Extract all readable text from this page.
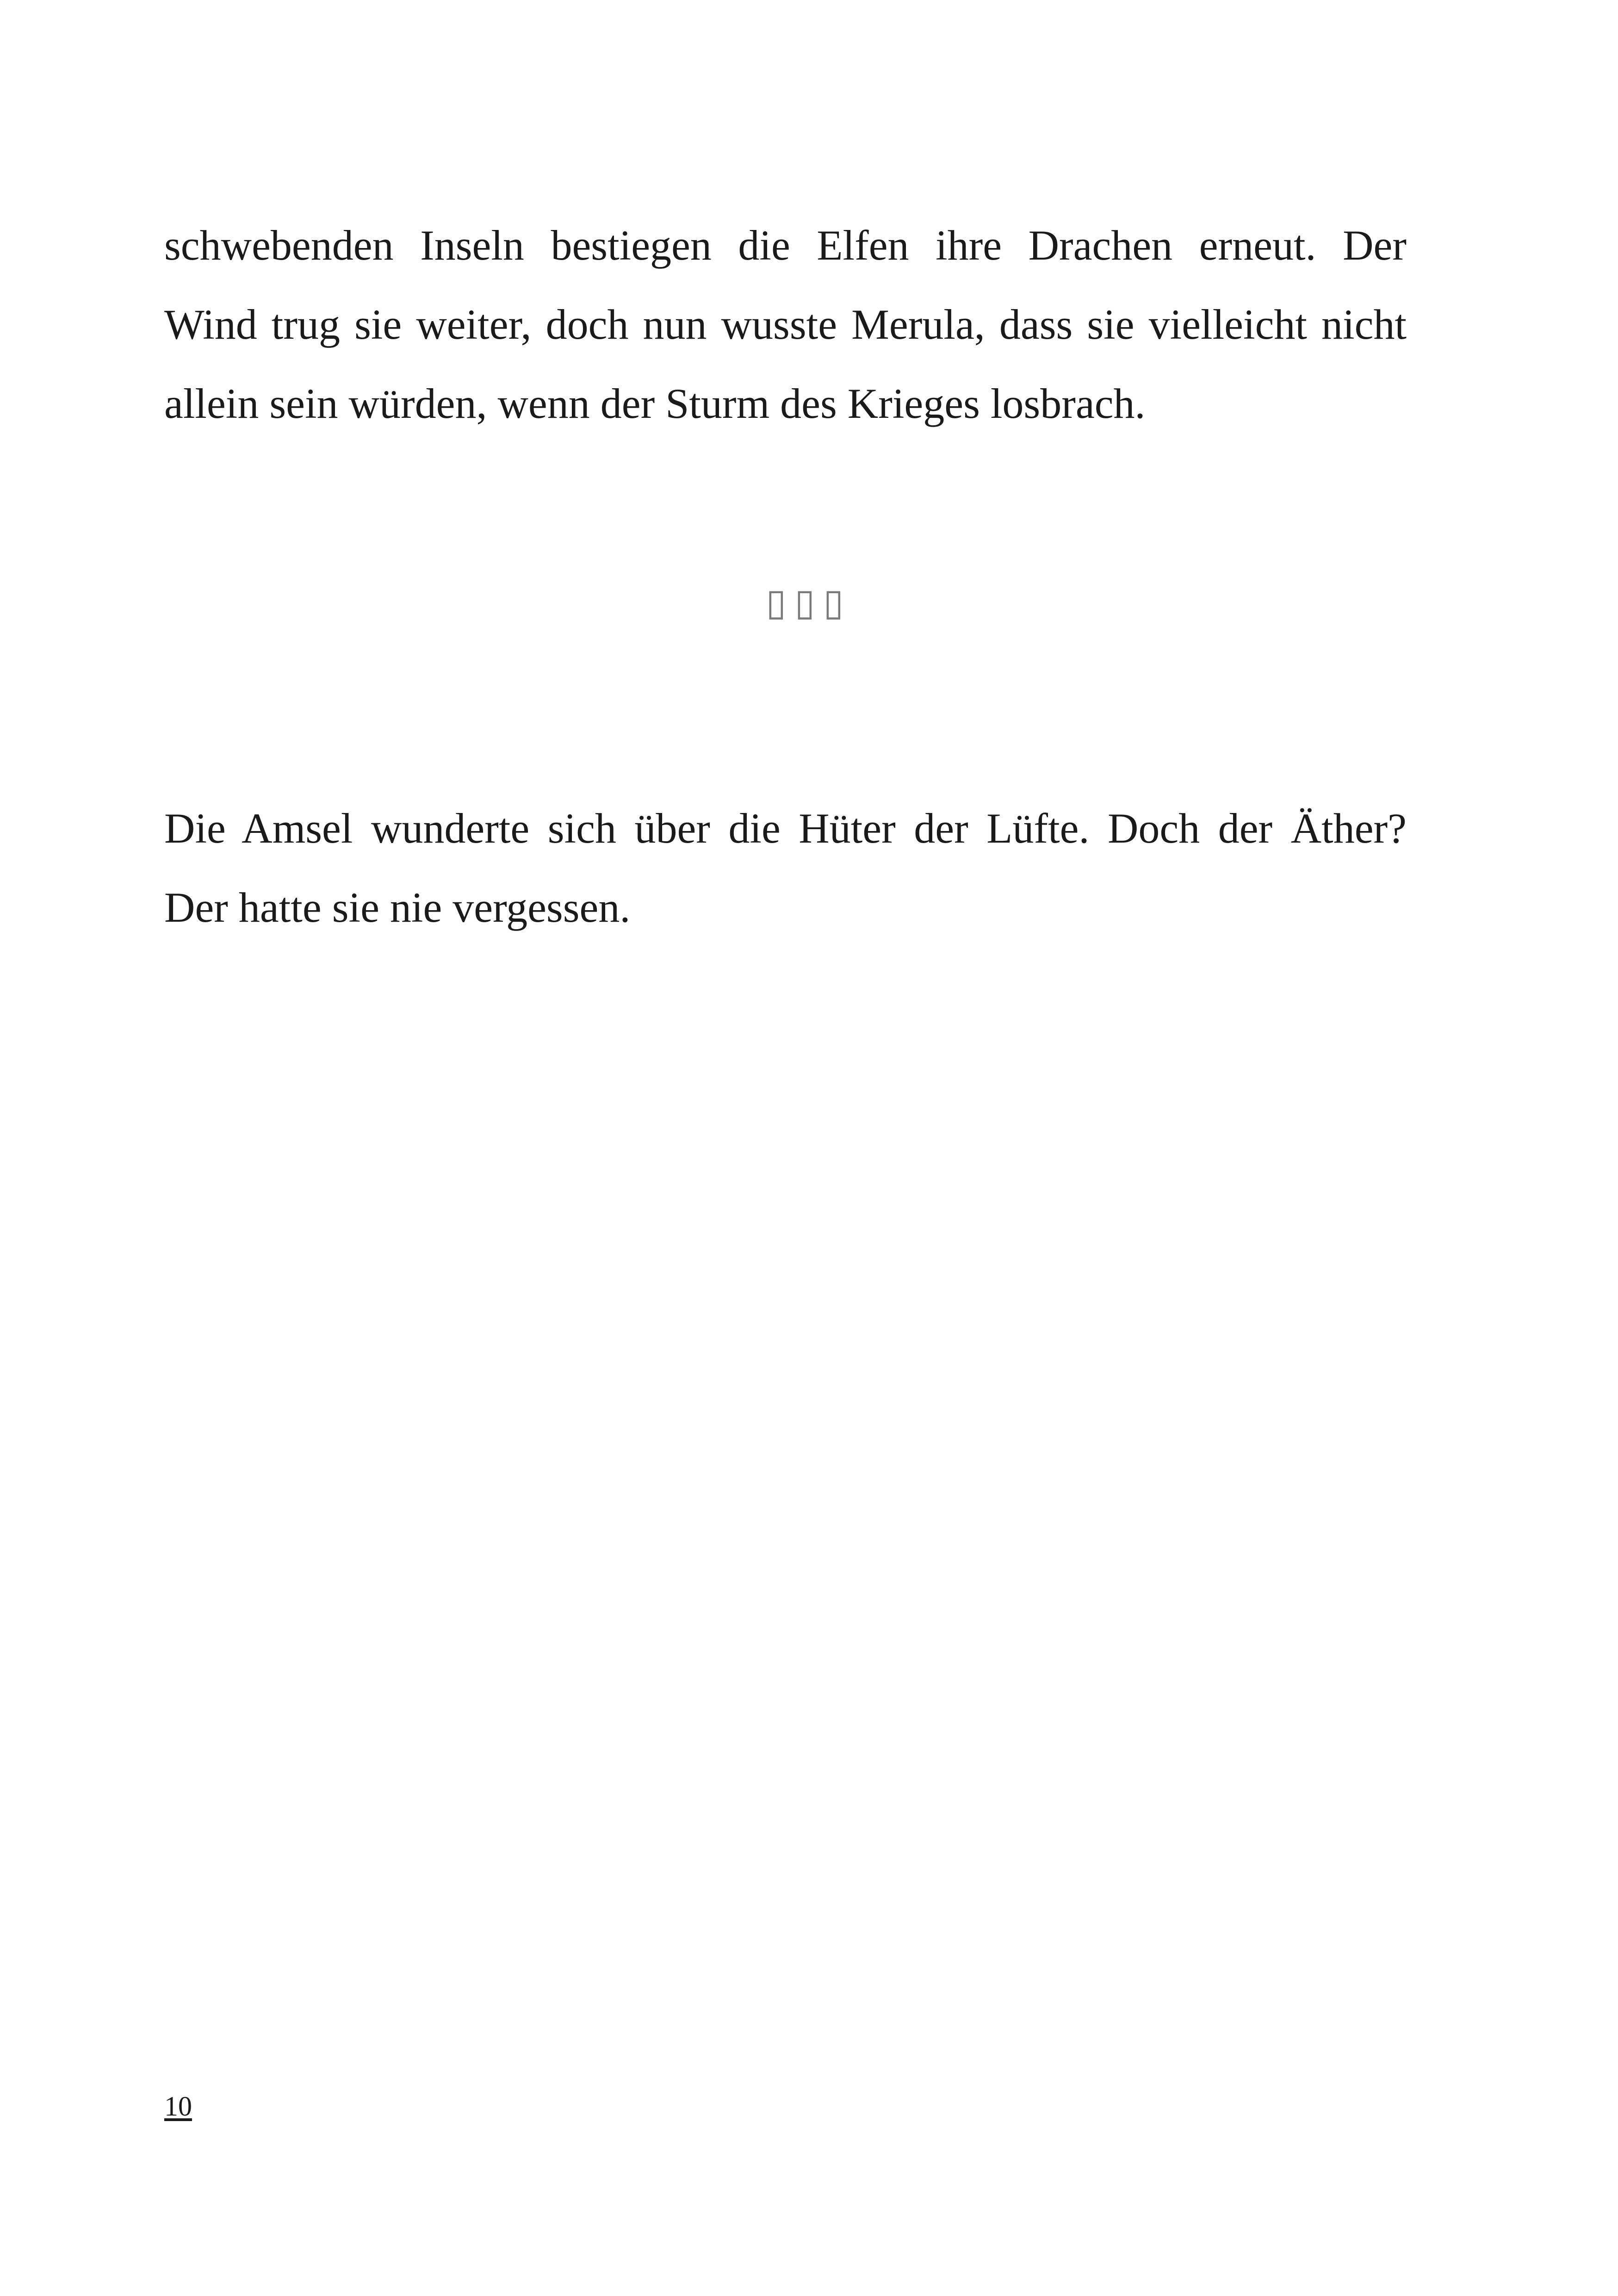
schwebenden Inseln bestiegen die Elfen ihre Drachen erneut. Der
Wind trug sie weiter, doch nun wusste Merula, dass sie vielleicht nicht
allein sein würden, wenn der Sturm des Krieges losbrach.

▯▯▯

Die Amsel wunderte sich über die Hüter der Lüfte. Doch der Äther?
Der hatte sie nie vergessen.

10
